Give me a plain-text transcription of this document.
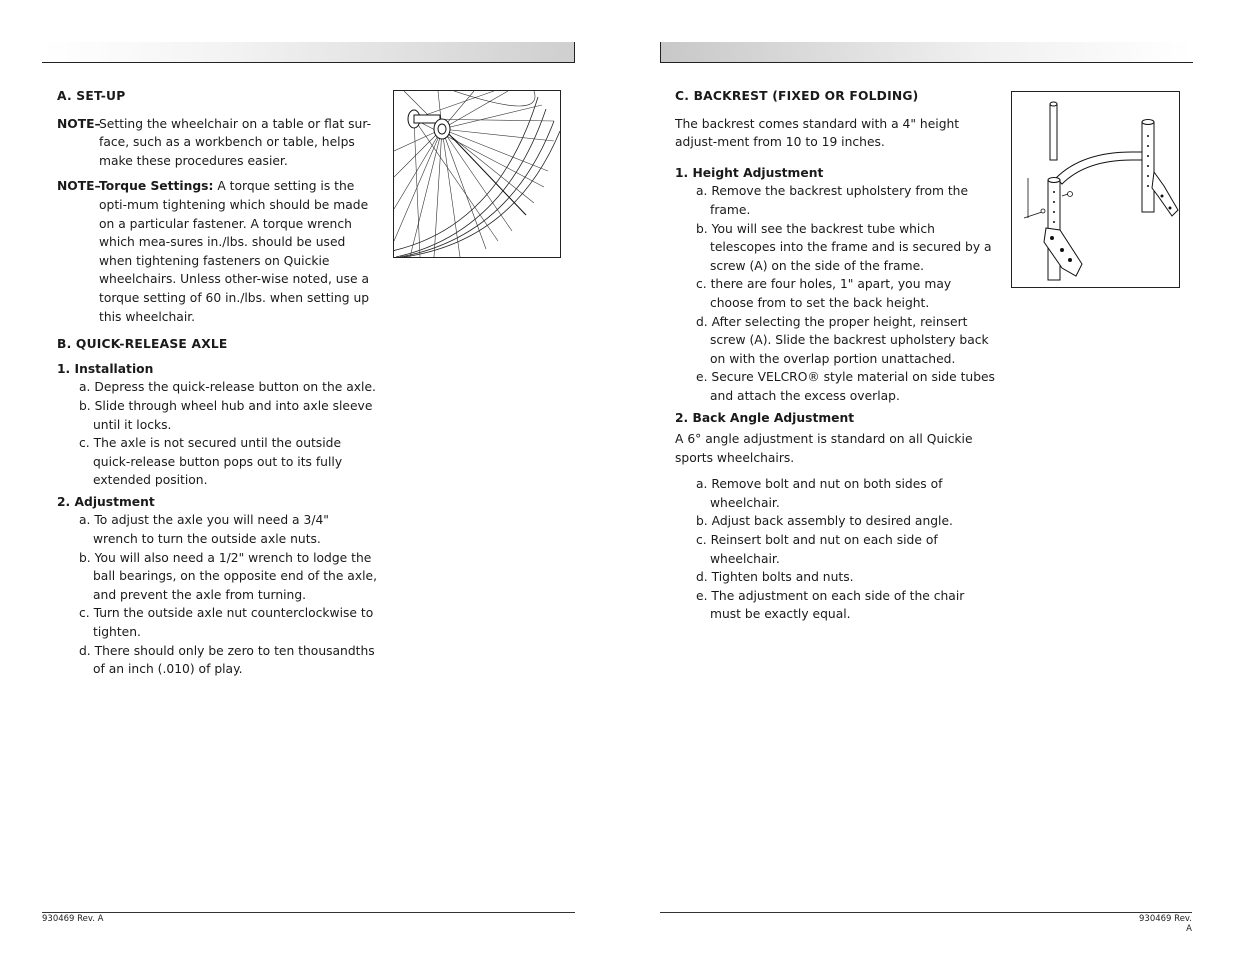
A. SET-UP
NOTE–
Setting the wheelchair on a table or flat sur-face, such as a workbench or table, helps make these procedures easier.
NOTE–
Torque Settings: A torque setting is the opti-mum tightening which should be made on a particular fastener. A torque wrench which mea-sures in./lbs. should be used when tightening fasteners on Quickie wheelchairs. Unless other-wise noted, use a torque setting of 60 in./lbs. when setting up this wheelchair.
B. QUICK-RELEASE AXLE
1. Installation
a. Depress the quick-release button on the axle.
b. Slide through wheel hub and into axle sleeve until it locks.
c. The axle is not secured until the outside quick-release button pops out to its fully extended position.
2. Adjustment
a. To adjust the axle you will need a 3/4" wrench to turn the outside axle nuts.
b. You will also need a 1/2" wrench to lodge the ball bearings, on the opposite end of the axle, and prevent the axle from turning.
c. Turn the outside axle nut counterclockwise to tighten.
d. There should only be zero to ten thousandths of an inch (.010) of play.
930469 Rev. A
C. BACKREST (FIXED OR FOLDING)

The backrest comes standard with a 4" height adjust-ment from 10 to 19 inches.

1. Height Adjustment
a. Remove the backrest upholstery from the frame.
b. You will see the backrest tube which telescopes into the frame and is secured by a screw (A) on the side of the frame.
c. there are four holes, 1" apart, you may choose from to set the back height.
d. After selecting the proper height, reinsert screw (A). Slide the backrest upholstery back on with the overlap portion unattached.
e. Secure VELCRO® style material on side tubes and attach the excess overlap.
2. Back Angle Adjustment

A 6° angle adjustment is standard on all Quickie sports wheelchairs.

a. Remove bolt and nut on both sides of wheelchair.
b. Adjust back assembly to desired angle.
c. Reinsert bolt and nut on each side of wheelchair.
d. Tighten bolts and nuts.
e. The adjustment on each side of the chair must be exactly equal.
930469 Rev. A
